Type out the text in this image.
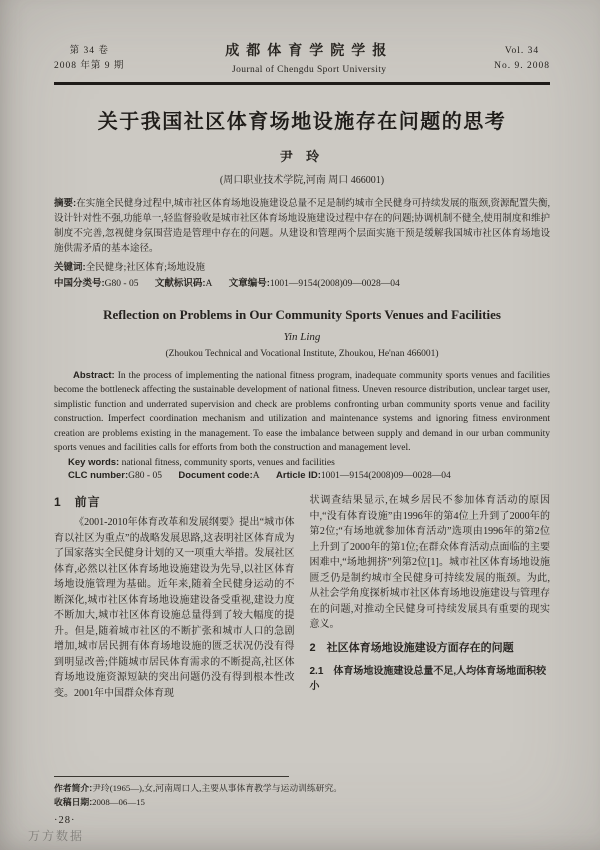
第 34 卷
2008 年第 9 期
成都体育学院学报
Journal of Chengdu Sport University
Vol. 34
No. 9. 2008
关于我国社区体育场地设施存在问题的思考
尹 玲
(周口职业技术学院,河南 周口 466001)

摘要:在实施全民健身过程中,城市社区体育场地设施建设总量不足是制约城市全民健身可持续发展的瓶颈,资源配置失衡,设计针对性不强,功能单一,轻监督验收是城市社区体育场地设施建设过程中存在的问题;协调机制不健全,使用制度和维护制度不完善,忽视健身氛围营造是管理中存在的问题。从建设和管理两个层面实施干预是缓解我国城市社区体育场地设施供需矛盾的基本途径。

关键词:全民健身;社区体育;场地设施

中国分类号:G80 - 05 文献标识码:A 文章编号:1001—9154(2008)09—0028—04

Reflection on Problems in Our Community Sports Venues and Facilities
Yin Ling
(Zhoukou Technical and Vocational Institute, Zhoukou, He'nan 466001)

Abstract: In the process of implementing the national fitness program, inadequate community sports venues and facilities become the bottleneck affecting the sustainable development of national fitness. Uneven resource distribution, unclear target user, simplistic function and underrated supervision and check are problems confronting urban community sports venue and facility construction. Imperfect coordination mechanism and utilization and maintenance systems and ignoring fitness environment creation are problems existing in the management. To ease the imbalance between supply and demand in our urban community sports venues and facilities calls for efforts from both the construction and management level.

Key words: national fitness, community sports, venues and facilities

CLC number:G80 - 05 Document code:A Article ID:1001—9154(2008)09—0028—04

1　前言

《2001-2010年体育改革和发展纲要》提出“城市体育以社区为重点”的战略发展思路,这表明社区体育成为了国家落实全民健身计划的又一项重大举措。发展社区体育,必然以社区体育场地设施建设为先导,以社区体育场地设施管理为基础。近年来,随着全民健身运动的不断深化,城市社区体育场地设施建设备受重视,建设力度不断加大,城市社区体育设施总量得到了较大幅度的提升。但是,随着城市社区的不断扩张和城市人口的急剧增加,城市居民拥有体育场地设施的匮乏状况仍没有得到明显改善;伴随城市居民体育需求的不断提高,社区体育场地设施资源短缺的突出问题仍没有得到根本性改变。2001年中国群众体育现

状调查结果显示,在城乡居民不参加体育活动的原因中,“没有体育设施”由1996年的第4位上升到了2000年的第2位;“有场地就参加体育活动”选项由1996年的第2位上升到了2000年的第1位;在群众体育活动点面临的主要困难中,“场地拥挤”列第2位[1]。城市社区体育场地设施匮乏仍是制约城市全民健身可持续发展的瓶颈。为此,从社会学角度探析城市社区体育场地设施建设与管理存在的问题,对推动全民健身可持续发展具有重要的现实意义。

2　社区体育场地设施建设方面存在的问题
2.1　体育场地设施建设总量不足,人均体育场地面积较小

作者简介:尹玲(1965—),女,河南周口人,主要从事体育教学与运动训练研究。

收稿日期:2008—06—15

·28·

万方数据
